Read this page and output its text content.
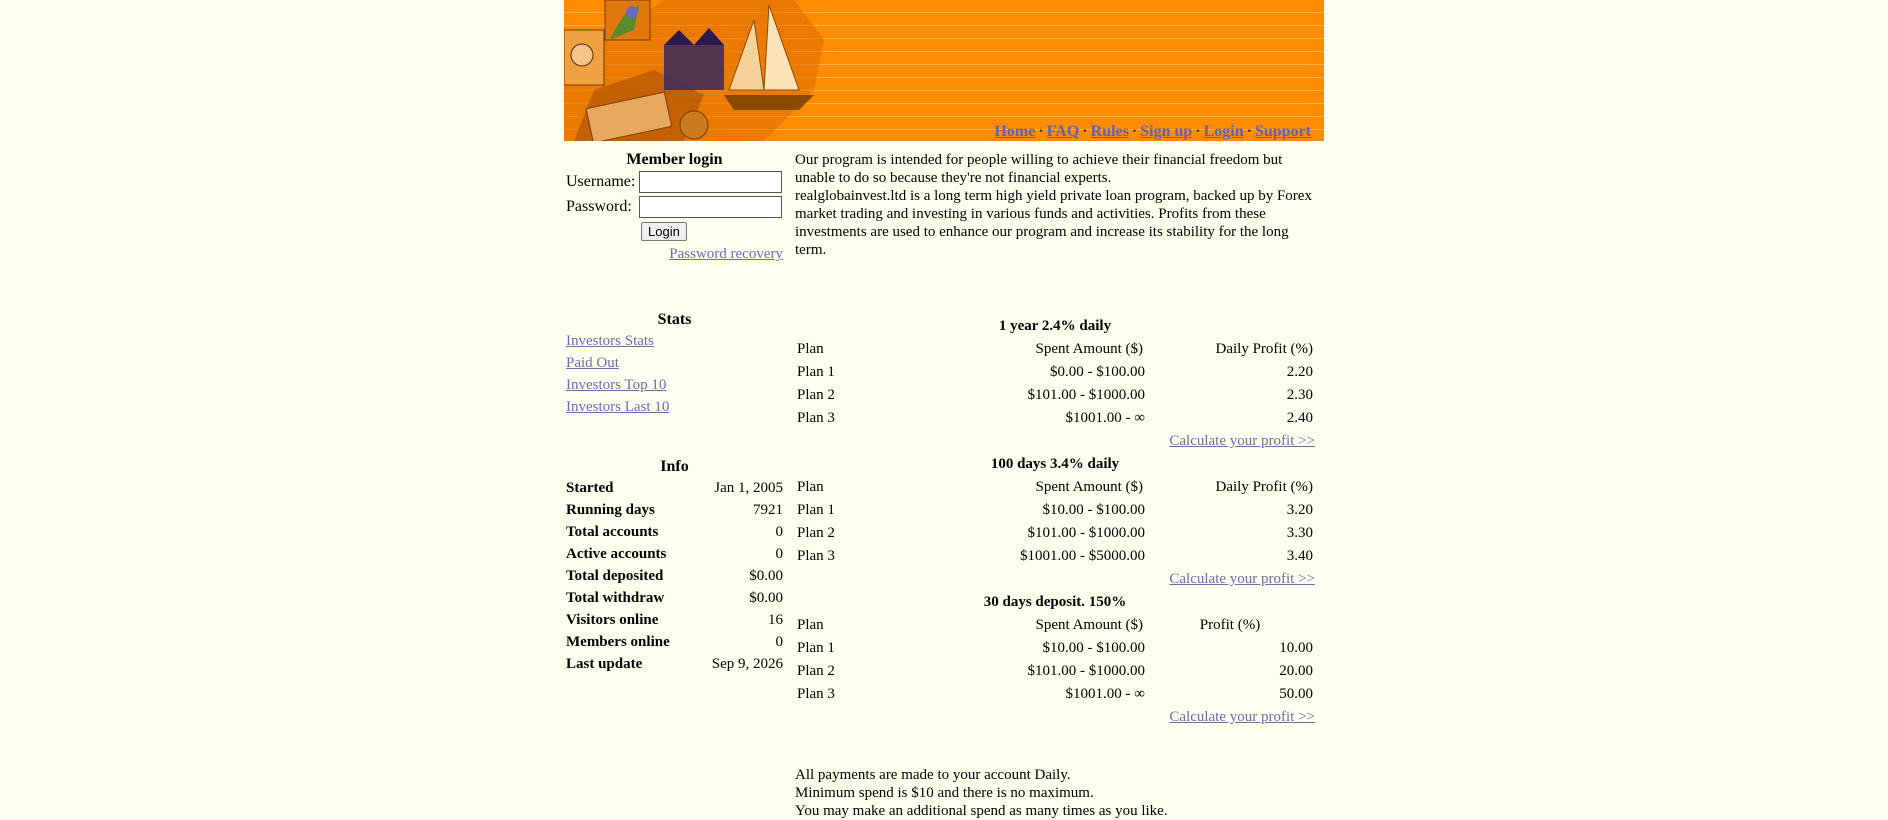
Home · FAQ · Rules · Sign up · Login · Support
Member login
Username:
Password:
Login
Password recovery
Stats
Investors Stats
Paid Out
Investors Top 10
Investors Last 10
Info
Started	Jan 1, 2005
Running days	7921
Total accounts	0
Active accounts	0
Total deposited	$0.00
Total withdraw	$0.00
Visitors online	16
Members online	0
Last update	Sep 9, 2026

Our program is intended for people willing to achieve their financial freedom but unable to do so because they're not financial experts.

realglobainvest.ltd is a long term high yield private loan program, backed up by Forex market trading and investing in various funds and activities. Profits from these investments are used to enhance our program and increase its stability for the long term.

1 year 2.4% daily
Plan	Spent Amount ($)	Daily Profit (%)
Plan 1	$0.00 - $100.00	2.20
Plan 2	$101.00 - $1000.00	2.30
Plan 3	$1001.00 - ∞	2.40
Calculate your profit >>
100 days 3.4% daily
Plan	Spent Amount ($)	Daily Profit (%)
Plan 1	$10.00 - $100.00	3.20
Plan 2	$101.00 - $1000.00	3.30
Plan 3	$1001.00 - $5000.00	3.40
Calculate your profit >>
30 days deposit. 150%
Plan	Spent Amount ($)	Profit (%)
Plan 1	$10.00 - $100.00	10.00
Plan 2	$101.00 - $1000.00	20.00
Plan 3	$1001.00 - ∞	50.00
Calculate your profit >>

All payments are made to your account Daily.

Minimum spend is $10 and there is no maximum.

You may make an additional spend as many times as you like.
